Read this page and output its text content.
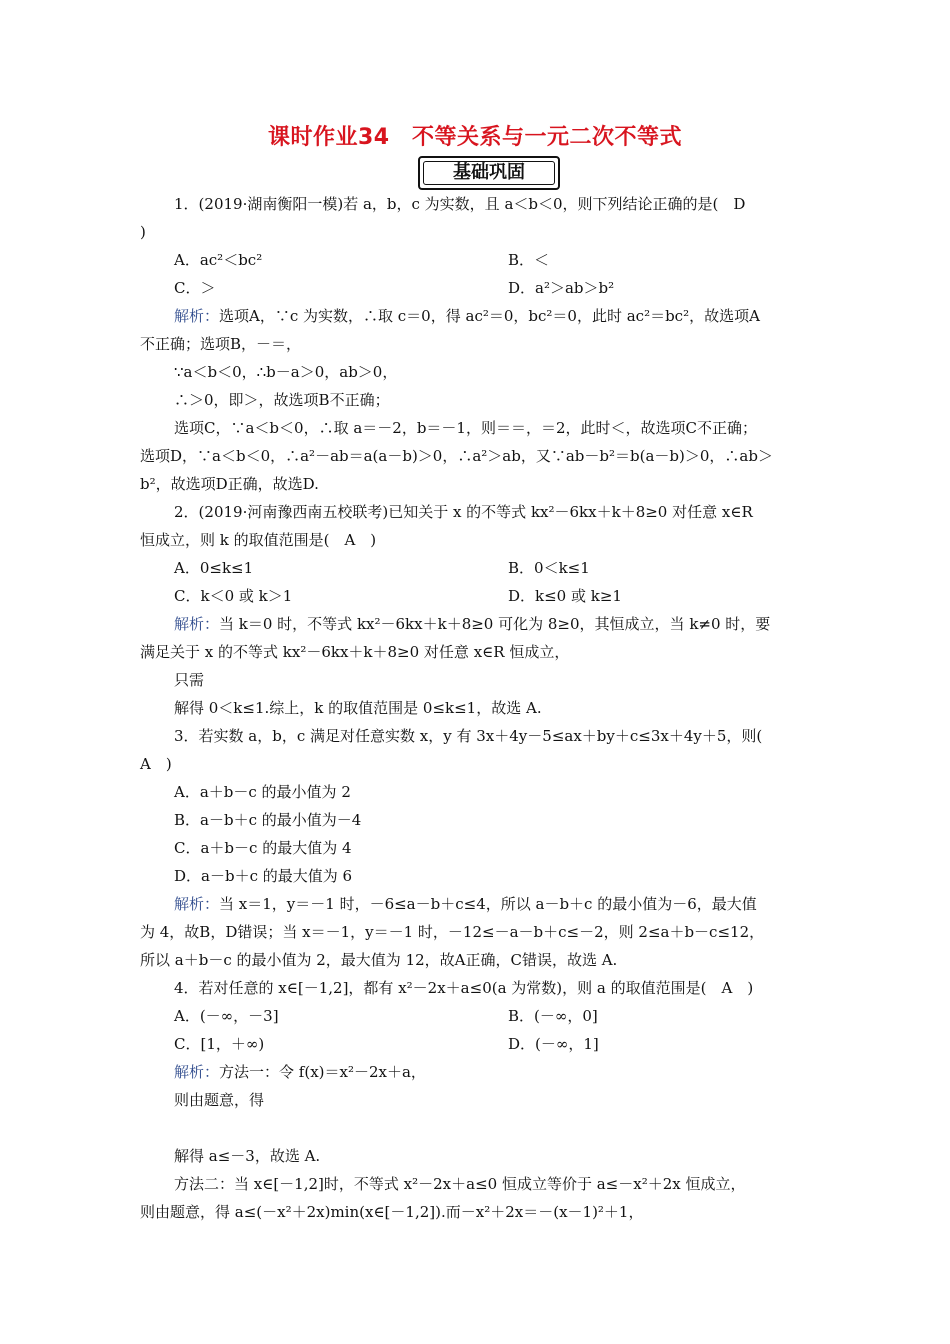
课时作业34　不等关系与一元二次不等式
基础巩固
1．(2019·湖南衡阳一模)若 a，b，c 为实数，且 a＜b＜0，则下列结论正确的是(　D
)
A．ac²＜bc²	B．＜
C．＞	D．a²＞ab＞b²
解析：选项A，∵c 为实数，∴取 c＝0，得 ac²＝0，bc²＝0，此时 ac²＝bc²，故选项A
不正确；选项B，－＝，
∵a＜b＜0，∴b－a＞0，ab＞0，
∴＞0，即＞，故选项B不正确；
选项C，∵a＜b＜0，∴取 a＝－2，b＝－1，则＝＝，＝2，此时＜，故选项C不正确；
选项D，∵a＜b＜0，∴a²－ab＝a(a－b)＞0，∴a²＞ab，又∵ab－b²＝b(a－b)＞0，∴ab＞
b²，故选项D正确，故选D.
2．(2019·河南豫西南五校联考)已知关于 x 的不等式 kx²－6kx＋k＋8≥0 对任意 x∈R
恒成立，则 k 的取值范围是(　A　)
A．0≤k≤1	B．0＜k≤1
C．k＜0 或 k＞1	D．k≤0 或 k≥1
解析：当 k＝0 时，不等式 kx²－6kx＋k＋8≥0 可化为 8≥0，其恒成立，当 k≠0 时，要
满足关于 x 的不等式 kx²－6kx＋k＋8≥0 对任意 x∈R 恒成立，
只需
解得 0＜k≤1.综上，k 的取值范围是 0≤k≤1，故选 A.
3．若实数 a，b，c 满足对任意实数 x，y 有 3x＋4y－5≤ax＋by＋c≤3x＋4y＋5，则(
A　)
A．a＋b－c 的最小值为 2
B．a－b＋c 的最小值为－4
C．a＋b－c 的最大值为 4
D．a－b＋c 的最大值为 6
解析：当 x＝1，y＝－1 时，－6≤a－b＋c≤4，所以 a－b＋c 的最小值为－6，最大值
为 4，故B，D错误；当 x＝－1，y＝－1 时，－12≤－a－b＋c≤－2，则 2≤a＋b－c≤12，
所以 a＋b－c 的最小值为 2，最大值为 12，故A正确，C错误，故选 A.
4．若对任意的 x∈[－1,2]，都有 x²－2x＋a≤0(a 为常数)，则 a 的取值范围是(　A　)
A．(－∞，－3]	B．(－∞，0]
C．[1，＋∞)	D．(－∞，1]
解析：方法一：令 f(x)＝x²－2x＋a，
则由题意，得
解得 a≤－3，故选 A.
方法二：当 x∈[－1,2]时，不等式 x²－2x＋a≤0 恒成立等价于 a≤－x²＋2x 恒成立，
则由题意，得 a≤(－x²＋2x)min(x∈[－1,2]).而－x²＋2x＝－(x－1)²＋1，
